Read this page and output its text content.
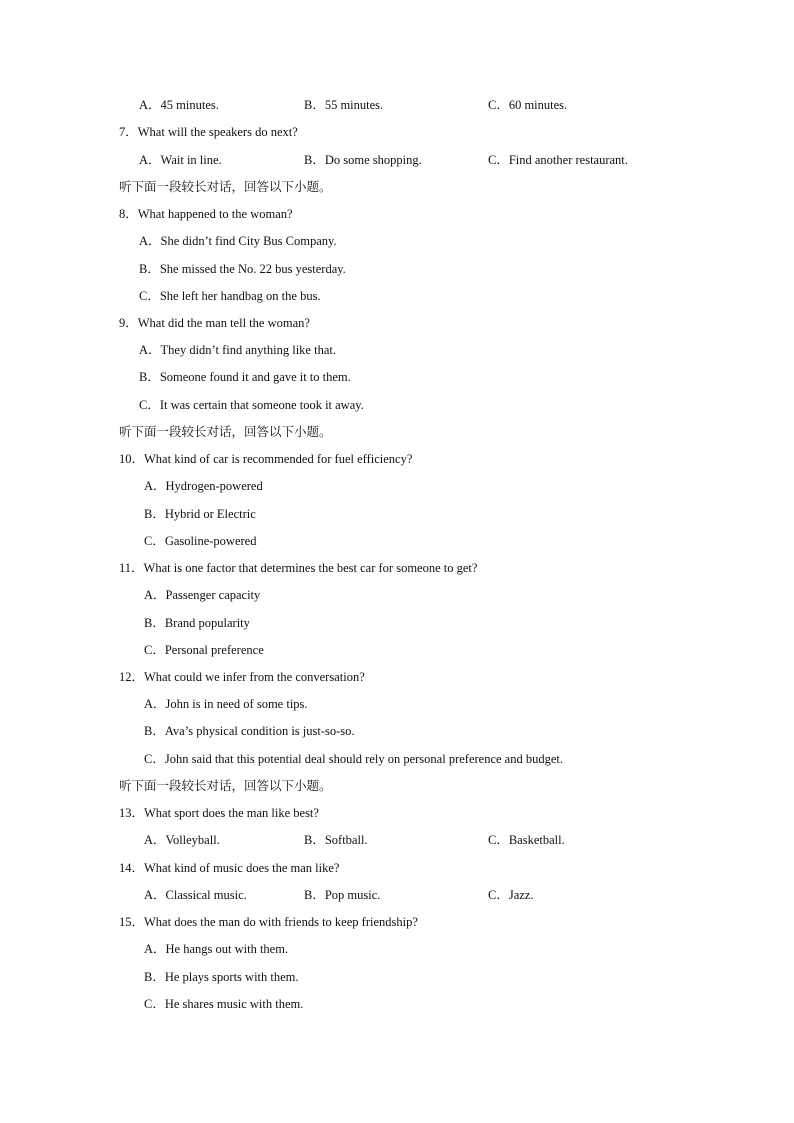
A．45 minutes.	B．55 minutes.	C．60 minutes.
7．What will the speakers do next?
A．Wait in line.	B．Do some shopping.	C．Find another restaurant.
听下面一段较长对话，回答以下小题。
8．What happened to the woman?
A．She didn’t find City Bus Company.
B．She missed the No. 22 bus yesterday.
C．She left her handbag on the bus.
9．What did the man tell the woman?
A．They didn’t find anything like that.
B．Someone found it and gave it to them.
C．It was certain that someone took it away.
听下面一段较长对话，回答以下小题。
10．What kind of car is recommended for fuel efficiency?
A．Hydrogen-powered
B．Hybrid or Electric
C．Gasoline-powered
11．What is one factor that determines the best car for someone to get?
A．Passenger capacity
B．Brand popularity
C．Personal preference
12．What could we infer from the conversation?
A．John is in need of some tips.
B．Ava’s physical condition is just-so-so.
C．John said that this potential deal should rely on personal preference and budget.
听下面一段较长对话，回答以下小题。
13．What sport does the man like best?
A．Volleyball.	B．Softball.	C．Basketball.
14．What kind of music does the man like?
A．Classical music.	B．Pop music.	C．Jazz.
15．What does the man do with friends to keep friendship?
A．He hangs out with them.
B．He plays sports with them.
C．He shares music with them.
